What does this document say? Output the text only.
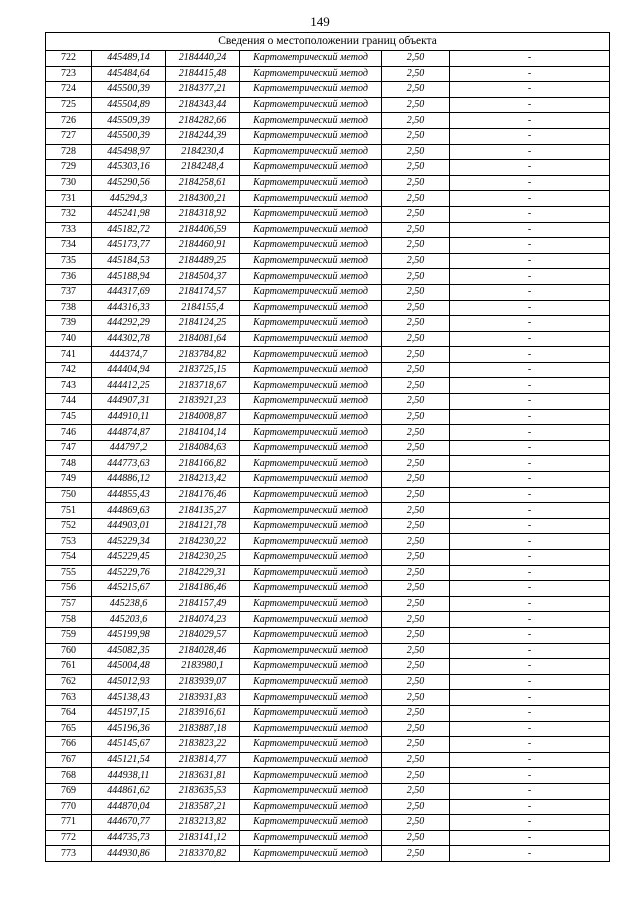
149
Сведения о местоположении границ объекта					
722	445489,14	2184440,24	Картометрический метод	2,50	-
723	445484,64	2184415,48	Картометрический метод	2,50	-
724	445500,39	2184377,21	Картометрический метод	2,50	-
725	445504,89	2184343,44	Картометрический метод	2,50	-
726	445509,39	2184282,66	Картометрический метод	2,50	-
727	445500,39	2184244,39	Картометрический метод	2,50	-
728	445498,97	2184230,4	Картометрический метод	2,50	-
729	445303,16	2184248,4	Картометрический метод	2,50	-
730	445290,56	2184258,61	Картометрический метод	2,50	-
731	445294,3	2184300,21	Картометрический метод	2,50	-
732	445241,98	2184318,92	Картометрический метод	2,50	-
733	445182,72	2184406,59	Картометрический метод	2,50	-
734	445173,77	2184460,91	Картометрический метод	2,50	-
735	445184,53	2184489,25	Картометрический метод	2,50	-
736	445188,94	2184504,37	Картометрический метод	2,50	-
737	444317,69	2184174,57	Картометрический метод	2,50	-
738	444316,33	2184155,4	Картометрический метод	2,50	-
739	444292,29	2184124,25	Картометрический метод	2,50	-
740	444302,78	2184081,64	Картометрический метод	2,50	-
741	444374,7	2183784,82	Картометрический метод	2,50	-
742	444404,94	2183725,15	Картометрический метод	2,50	-
743	444412,25	2183718,67	Картометрический метод	2,50	-
744	444907,31	2183921,23	Картометрический метод	2,50	-
745	444910,11	2184008,87	Картометрический метод	2,50	-
746	444874,87	2184104,14	Картометрический метод	2,50	-
747	444797,2	2184084,63	Картометрический метод	2,50	-
748	444773,63	2184166,82	Картометрический метод	2,50	-
749	444886,12	2184213,42	Картометрический метод	2,50	-
750	444855,43	2184176,46	Картометрический метод	2,50	-
751	444869,63	2184135,27	Картометрический метод	2,50	-
752	444903,01	2184121,78	Картометрический метод	2,50	-
753	445229,34	2184230,22	Картометрический метод	2,50	-
754	445229,45	2184230,25	Картометрический метод	2,50	-
755	445229,76	2184229,31	Картометрический метод	2,50	-
756	445215,67	2184186,46	Картометрический метод	2,50	-
757	445238,6	2184157,49	Картометрический метод	2,50	-
758	445203,6	2184074,23	Картометрический метод	2,50	-
759	445199,98	2184029,57	Картометрический метод	2,50	-
760	445082,35	2184028,46	Картометрический метод	2,50	-
761	445004,48	2183980,1	Картометрический метод	2,50	-
762	445012,93	2183939,07	Картометрический метод	2,50	-
763	445138,43	2183931,83	Картометрический метод	2,50	-
764	445197,15	2183916,61	Картометрический метод	2,50	-
765	445196,36	2183887,18	Картометрический метод	2,50	-
766	445145,67	2183823,22	Картометрический метод	2,50	-
767	445121,54	2183814,77	Картометрический метод	2,50	-
768	444938,11	2183631,81	Картометрический метод	2,50	-
769	444861,62	2183635,53	Картометрический метод	2,50	-
770	444870,04	2183587,21	Картометрический метод	2,50	-
771	444670,77	2183213,82	Картометрический метод	2,50	-
772	444735,73	2183141,12	Картометрический метод	2,50	-
773	444930,86	2183370,82	Картометрический метод	2,50	-
